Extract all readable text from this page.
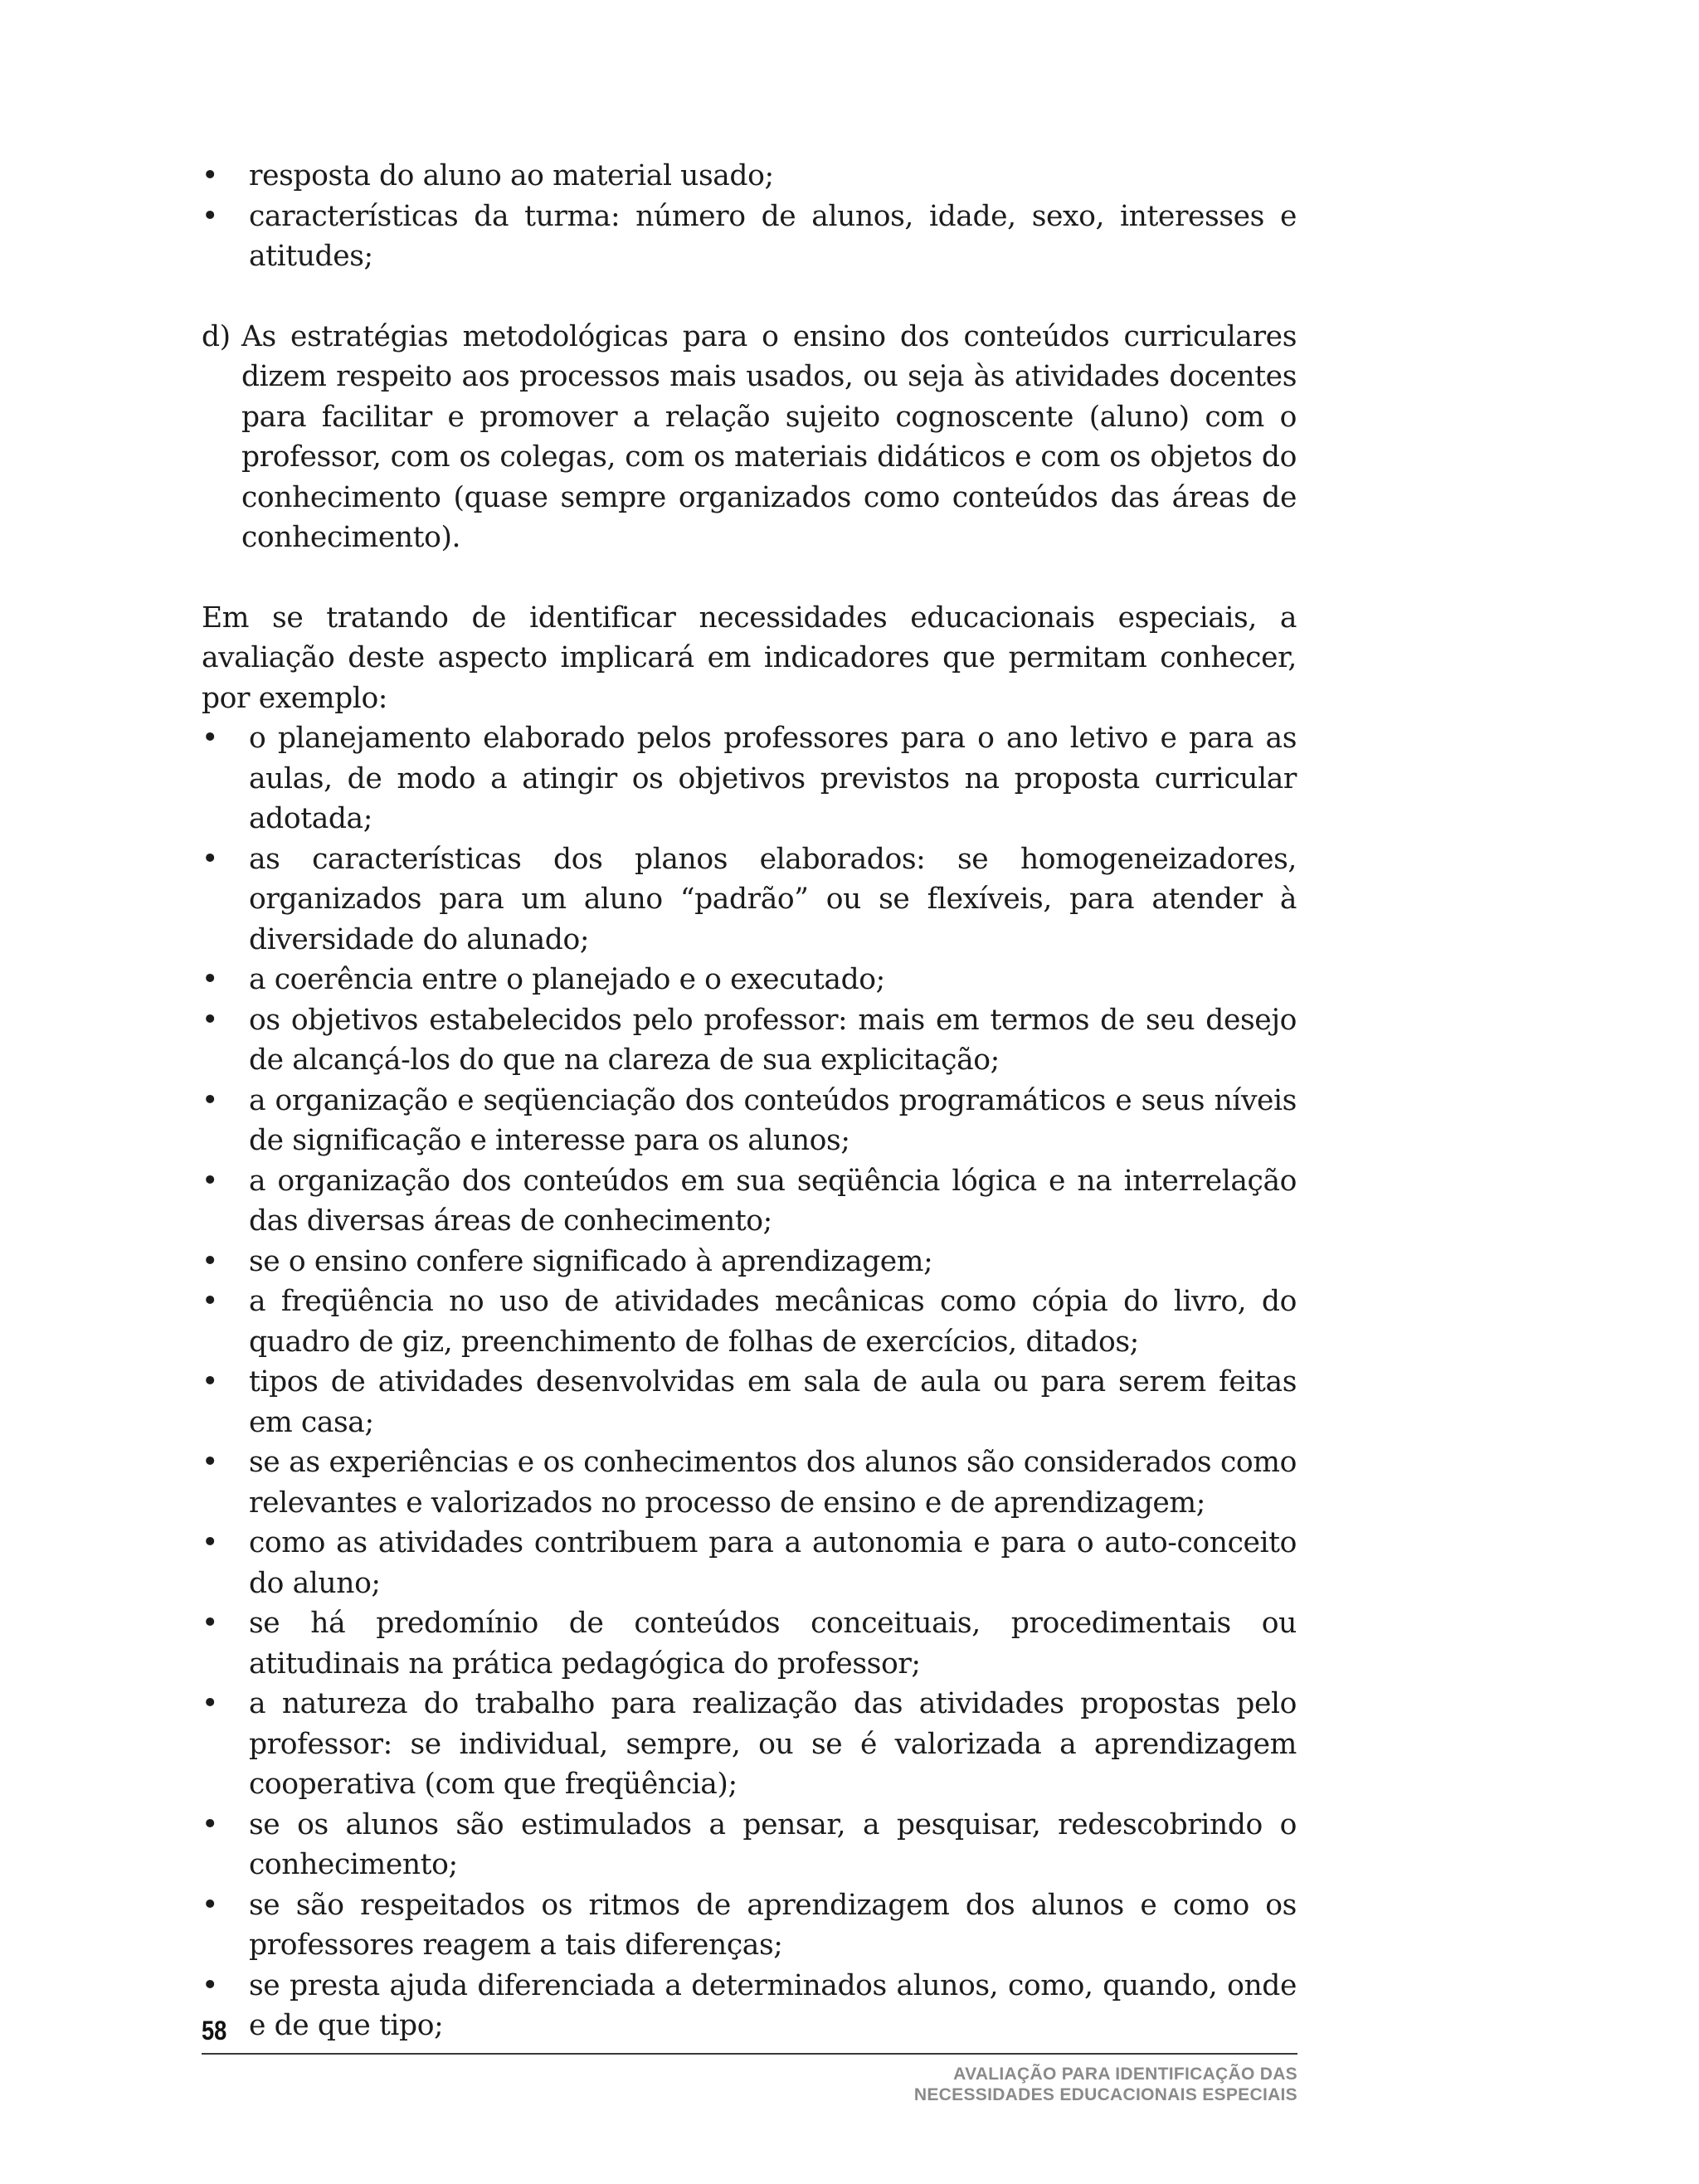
• resposta do aluno ao material usado;
• características da turma: número de alunos, idade, sexo, interesses e atitudes;
d) As estratégias metodológicas para o ensino dos conteúdos curriculares dizem respeito aos processos mais usados, ou seja às atividades docentes para facilitar e promover a relação sujeito cognoscente (aluno) com o professor, com os colegas, com os materiais didáticos e com os objetos do conhecimento (quase sempre organizados como conteúdos das áreas de conhecimento).
Em se tratando de identificar necessidades educacionais especiais, a avaliação deste aspecto implicará em indicadores que permitam conhecer, por exemplo:
• o planejamento elaborado pelos professores para o ano letivo e para as aulas, de modo a atingir os objetivos previstos na proposta curricular adotada;
• as características dos planos elaborados: se homogeneizadores, organizados para um aluno “padrão” ou se flexíveis, para atender à diversidade do alunado;
• a coerência entre o planejado e o executado;
• os objetivos estabelecidos pelo professor: mais em termos de seu desejo de alcançá-los do que na clareza de sua explicitação;
• a organização e seqüenciação dos conteúdos programáticos e seus níveis de significação e interesse para os alunos;
• a organização dos conteúdos em sua seqüência lógica e na interrelação das diversas áreas de conhecimento;
• se o ensino confere significado à aprendizagem;
• a freqüência no uso de atividades mecânicas como cópia do livro, do quadro de giz, preenchimento de folhas de exercícios, ditados;
• tipos de atividades desenvolvidas em sala de aula ou para serem feitas em casa;
• se as experiências e os conhecimentos dos alunos são considerados como relevantes e valorizados no processo de ensino e de aprendizagem;
• como as atividades contribuem para a autonomia e para o auto-conceito do aluno;
• se há predomínio de conteúdos conceituais, procedimentais ou atitudinais na prática pedagógica do professor;
• a natureza do trabalho para realização das atividades propostas pelo professor: se individual, sempre, ou se é valorizada a aprendizagem cooperativa (com que freqüência);
• se os alunos são estimulados a pensar, a pesquisar, redescobrindo o conhecimento;
• se são respeitados os ritmos de aprendizagem dos alunos e como os professores reagem a tais diferenças;
• se presta ajuda diferenciada a determinados alunos, como, quando, onde e de que tipo;
58
AVALIAÇÃO PARA IDENTIFICAÇÃO DAS
NECESSIDADES EDUCACIONAIS ESPECIAIS
